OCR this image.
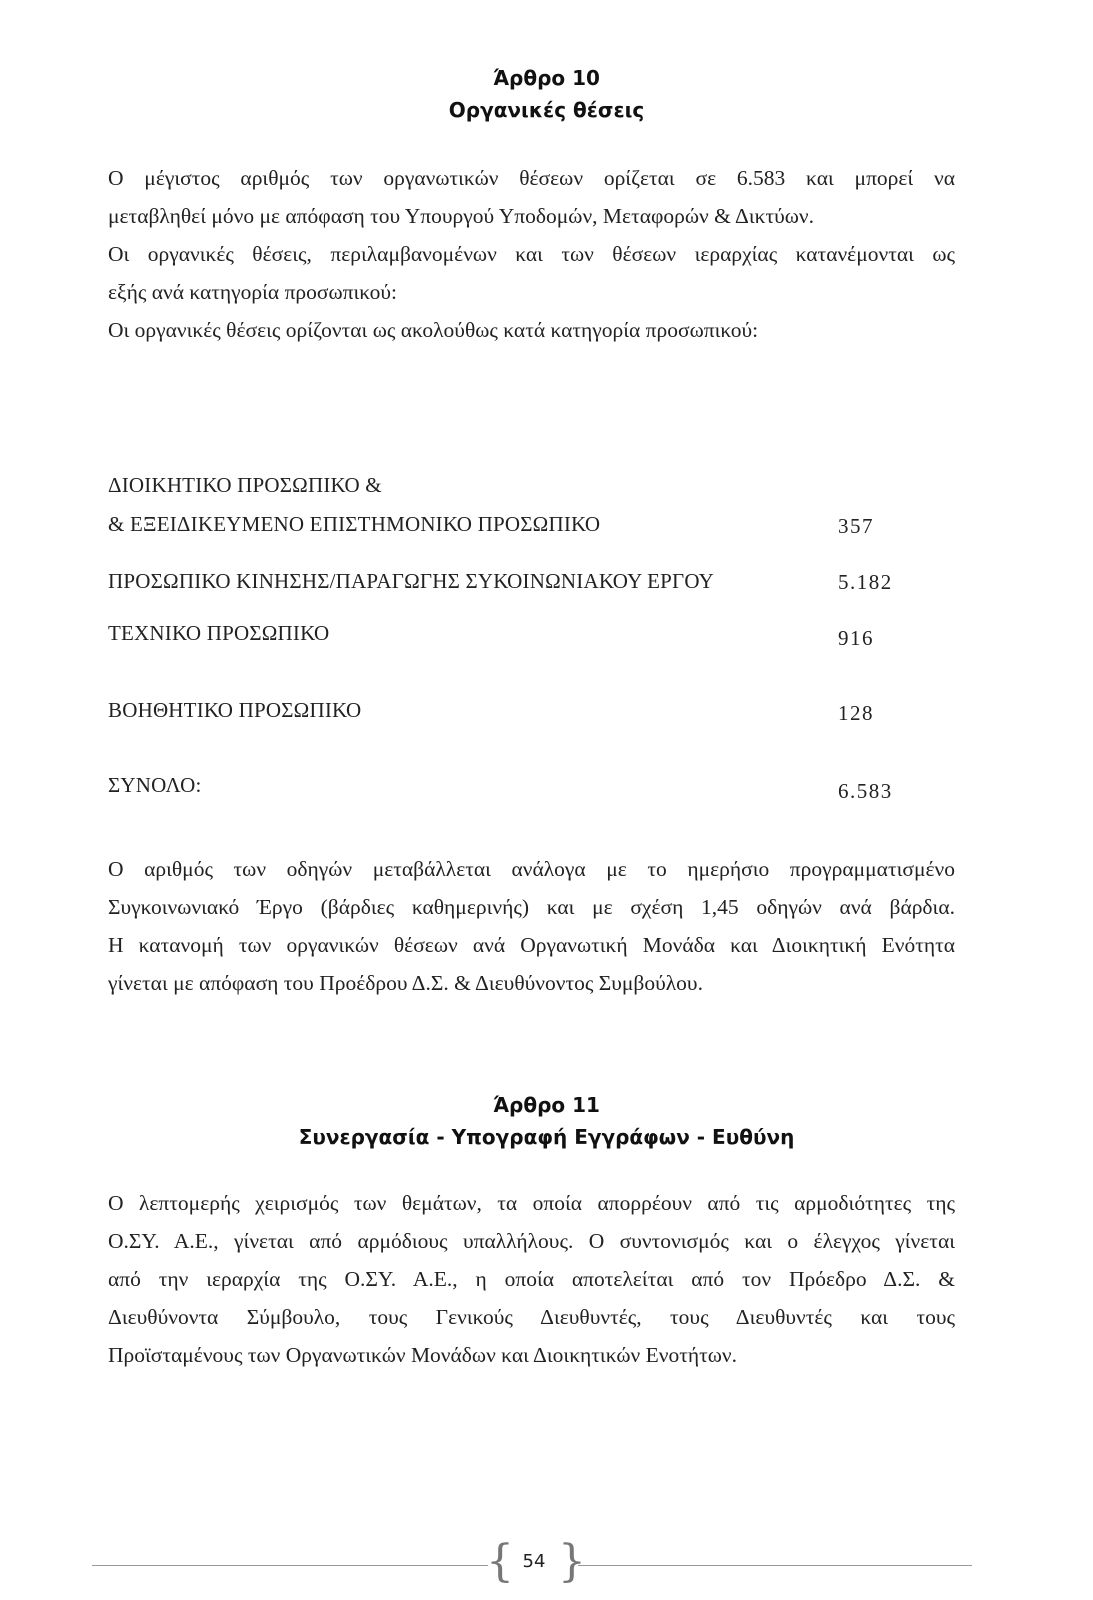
Άρθρο 10
Οργανικές θέσεις
Ο μέγιστος αριθμός των οργανωτικών θέσεων ορίζεται σε 6.583 και μπορεί να
μεταβληθεί μόνο με απόφαση του Υπουργού Υποδομών, Μεταφορών & Δικτύων.
Οι οργανικές θέσεις, περιλαμβανομένων και των θέσεων ιεραρχίας κατανέμονται ως
εξής ανά κατηγορία προσωπικού:
Οι οργανικές θέσεις ορίζονται ως ακολούθως κατά κατηγορία προσωπικού:
ΔΙΟΙΚΗΤΙΚΟ ΠΡΟΣΩΠΙΚΟ &
& ΕΞΕΙΔΙΚΕΥΜΕΝΟ ΕΠΙΣΤΗΜΟΝΙΚΟ ΠΡΟΣΩΠΙΚΟ	357
ΠΡΟΣΩΠΙΚΟ ΚΙΝΗΣΗΣ/ΠΑΡΑΓΩΓΗΣ ΣΥΚΟΙΝΩΝΙΑΚΟΥ ΕΡΓΟΥ	5.182
ΤΕΧΝΙΚΟ ΠΡΟΣΩΠΙΚΟ	916
ΒΟΗΘΗΤΙΚΟ ΠΡΟΣΩΠΙΚΟ	128
ΣΥΝΟΛΟ:	6.583
Ο αριθμός των οδηγών μεταβάλλεται ανάλογα με το ημερήσιο προγραμματισμένο
Συγκοινωνιακό Έργο (βάρδιες καθημερινής) και με σχέση 1,45 οδηγών ανά βάρδια.
Η κατανομή των οργανικών θέσεων ανά Οργανωτική Μονάδα και Διοικητική Ενότητα
γίνεται με απόφαση του Προέδρου Δ.Σ. & Διευθύνοντος Συμβούλου.
Άρθρο 11
Συνεργασία - Υπογραφή Εγγράφων - Ευθύνη
Ο λεπτομερής χειρισμός των θεμάτων, τα οποία απορρέουν από τις αρμοδιότητες της
Ο.ΣΥ. Α.Ε., γίνεται από αρμόδιους υπαλλήλους. Ο συντονισμός και ο έλεγχος γίνεται
από την ιεραρχία της Ο.ΣΥ. Α.Ε., η οποία αποτελείται από τον Πρόεδρο Δ.Σ. &
Διευθύνοντα Σύμβουλο, τους Γενικούς Διευθυντές, τους Διευθυντές και τους
Προϊσταμένους των Οργανωτικών Μονάδων και Διοικητικών Ενοτήτων.
{ 54 }
